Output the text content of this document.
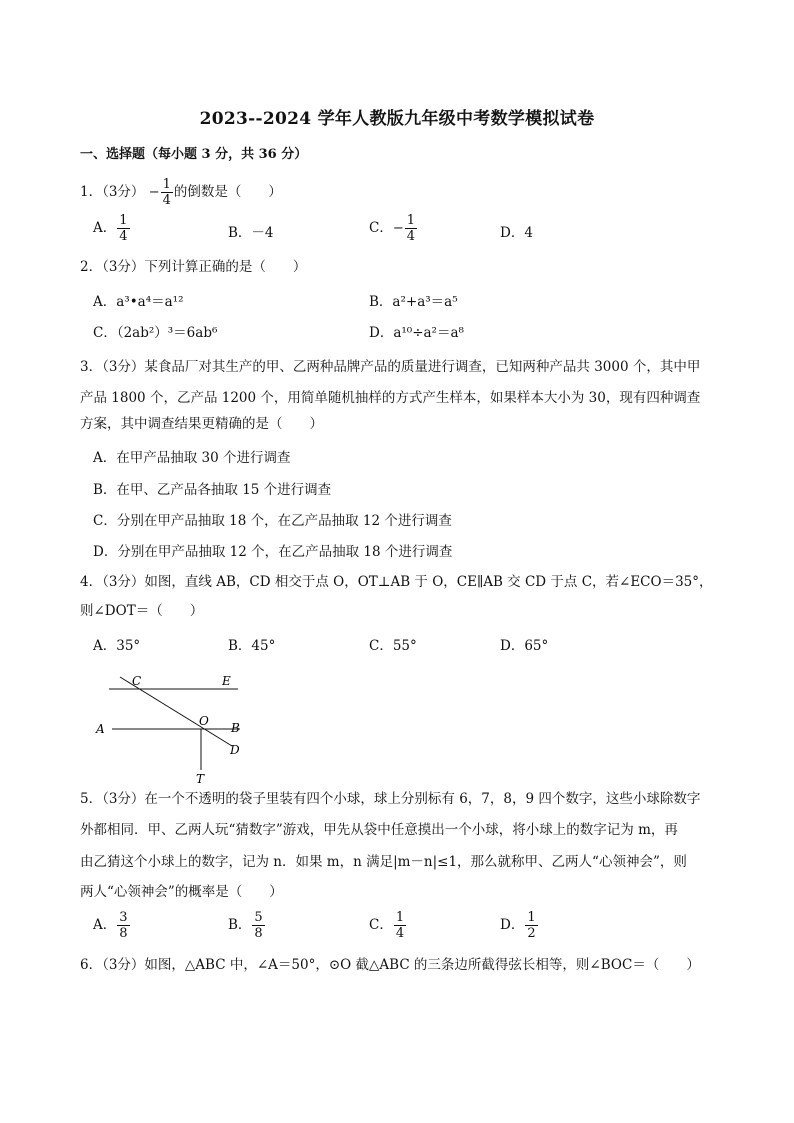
2023--2024 学年人教版九年级中考数学模拟试卷
一、选择题（每小题 3 分，共 36 分）
1．（3分） − $\frac{1}{4}$ 的倒数是（　　）
A． $\frac{1}{4}$	B．－4	C．− $\frac{1}{4}$	D．4
2．（3分）下列计算正确的是（　　）
A．a³•a⁴＝a¹²	B．a²+a³＝a⁵
C．（2ab²）³＝6ab⁶	D．a¹⁰÷a²＝a⁸
3．（3分）某食品厂对其生产的甲、乙两种品牌产品的质量进行调查，已知两种产品共 3000 个，其中甲
产品 1800 个，乙产品 1200 个，用简单随机抽样的方式产生样本，如果样本大小为 30，现有四种调查
方案，其中调查结果更精确的是（　　）
A．在甲产品抽取 30 个进行调查
B．在甲、乙产品各抽取 15 个进行调查
C．分别在甲产品抽取 18 个，在乙产品抽取 12 个进行调查
D．分别在甲产品抽取 12 个，在乙产品抽取 18 个进行调查
4．（3分）如图，直线 AB，CD 相交于点 O，OT⊥AB 于 O，CE∥AB 交 CD 于点 C，若∠ECO＝35°，
则∠DOT＝（　　）
A．35°	B．45°	C．55°	D．65°
C	E
A
O B
D
T
5．（3分）在一个不透明的袋子里装有四个小球，球上分别标有 6，7，8，9 四个数字，这些小球除数字
外都相同．甲、乙两人玩“猜数字”游戏，甲先从袋中任意摸出一个小球，将小球上的数字记为 m，再
由乙猜这个小球上的数字，记为 n．如果 m，n 满足|m－n|≤1，那么就称甲、乙两人“心领神会”，则
两人“心领神会”的概率是（　　）
A． $\frac{3}{8}$	B． $\frac{5}{8}$	C． $\frac{1}{4}$	D． $\frac{1}{2}$
6．（3分）如图，△ABC 中，∠A＝50°，⊙O 截△ABC 的三条边所截得弦长相等，则∠BOC＝（　　）
